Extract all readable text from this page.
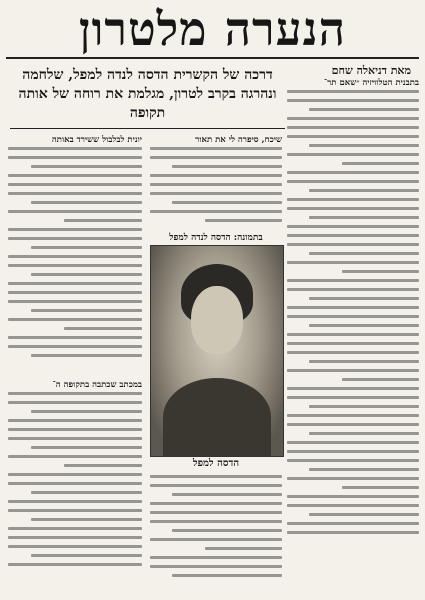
הנערה מלטרון
מאת דניאלה שחם
דרכה של הקשרית הדסה לנדה למפל, שלחמה ונהרגה בקרב לטרון, מגלמת את רוחה של אותה תקופה
בתבנית הטלוויזיה ״שאם תר־
שיכח, סיפרה לי את תאור
בתמונה: הדסה לנדה למפל
הדסה למפל
יונית לבלבול ששירד באותה
במכתב שכתבה בתקופה ה־
